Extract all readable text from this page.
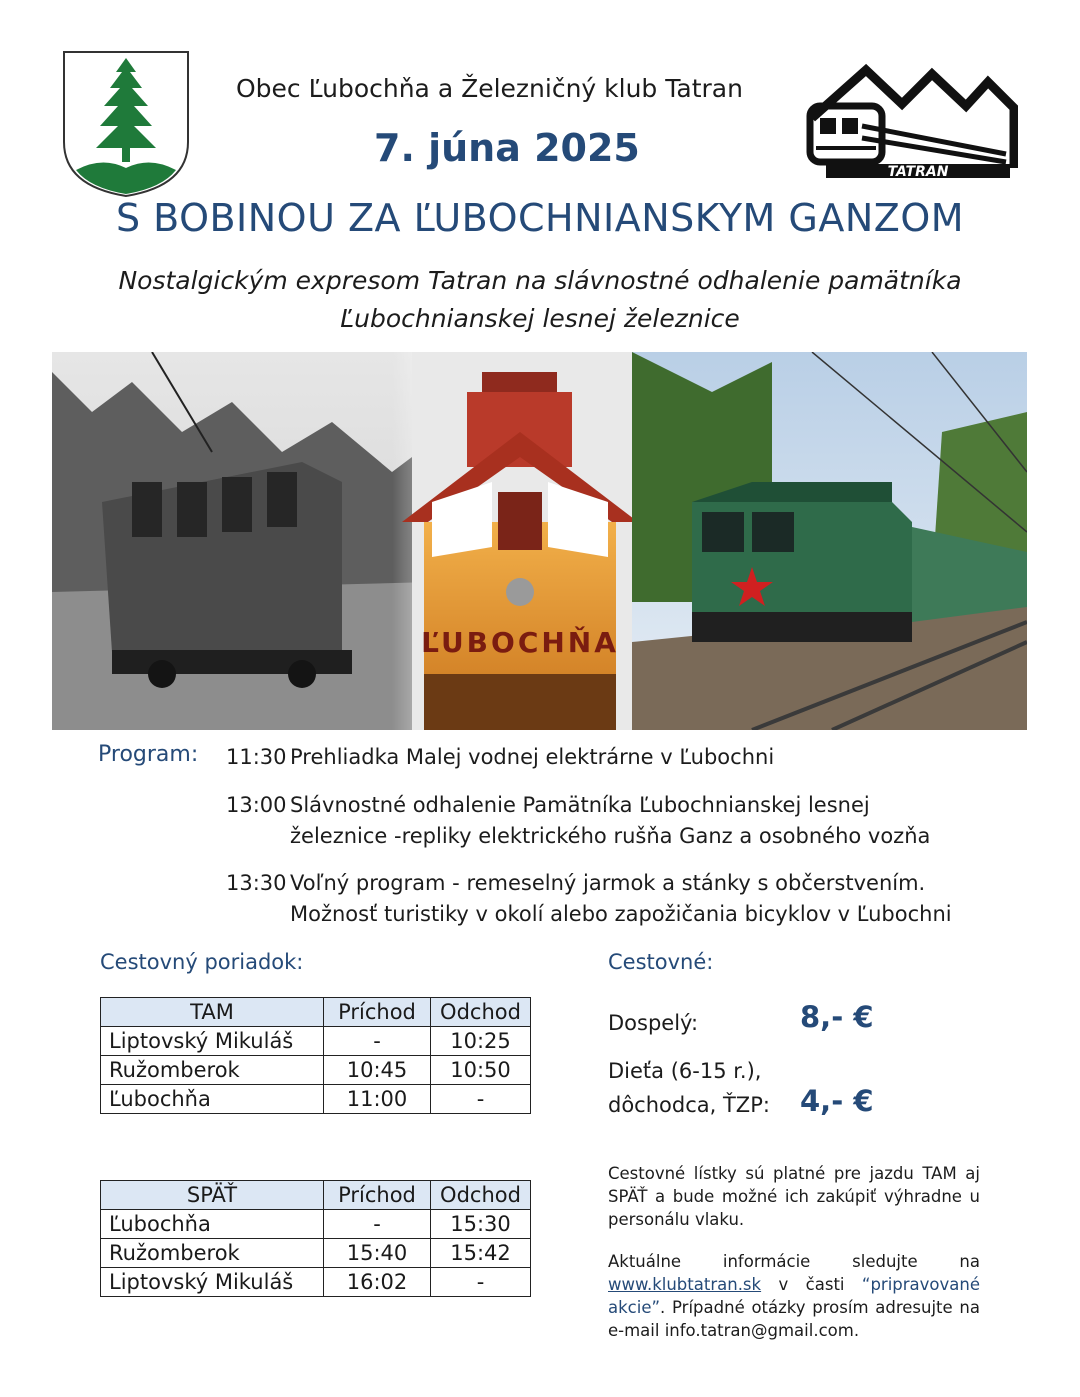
TATRAN
Obec Ľubochňa a Železničný klub Tatran
7. júna 2025
S BOBINOU ZA ĽUBOCHNIANSKYM GANZOM
Nostalgickým expresom Tatran na slávnostné odhalenie pamätníka
Ľubochnianskej lesnej železnice
ĽUBOCHŇA
Program: 11:30 Prehliadka Malej vodnej elektrárne v Ľubochni
13:00 Slávnostné odhalenie Pamätníka Ľubochnianskej lesnej
železnice -repliky elektrického rušňa Ganz a osobného vozňa
13:30 Voľný program - remeselný jarmok a stánky s občerstvením.
Možnosť turistiky v okolí alebo zapožičania bicyklov v Ľubochni
Cestovný poriadok:
TAM	Príchod	Odchod
Liptovský Mikuláš	-	10:25
Ružomberok	10:45	10:50
Ľubochňa	11:00	-
SPÄŤ	Príchod	Odchod
Ľubochňa	-	15:30
Ružomberok	15:40	15:42
Liptovský Mikuláš	16:02	-
Cestovné:
Dospelý:	8,- €
Dieťa (6-15 r.),
dôchodca, ŤZP: 4,- €
Cestovné lístky sú platné pre jazdu TAM aj SPÄŤ a bude možné ich zakúpiť výhradne u personálu vlaku.
Aktuálne informácie sledujte na www.klubtatran.sk v časti “pripravované akcie”. Prípadné otázky prosím adresujte na e-mail info.tatran@gmail.com.
